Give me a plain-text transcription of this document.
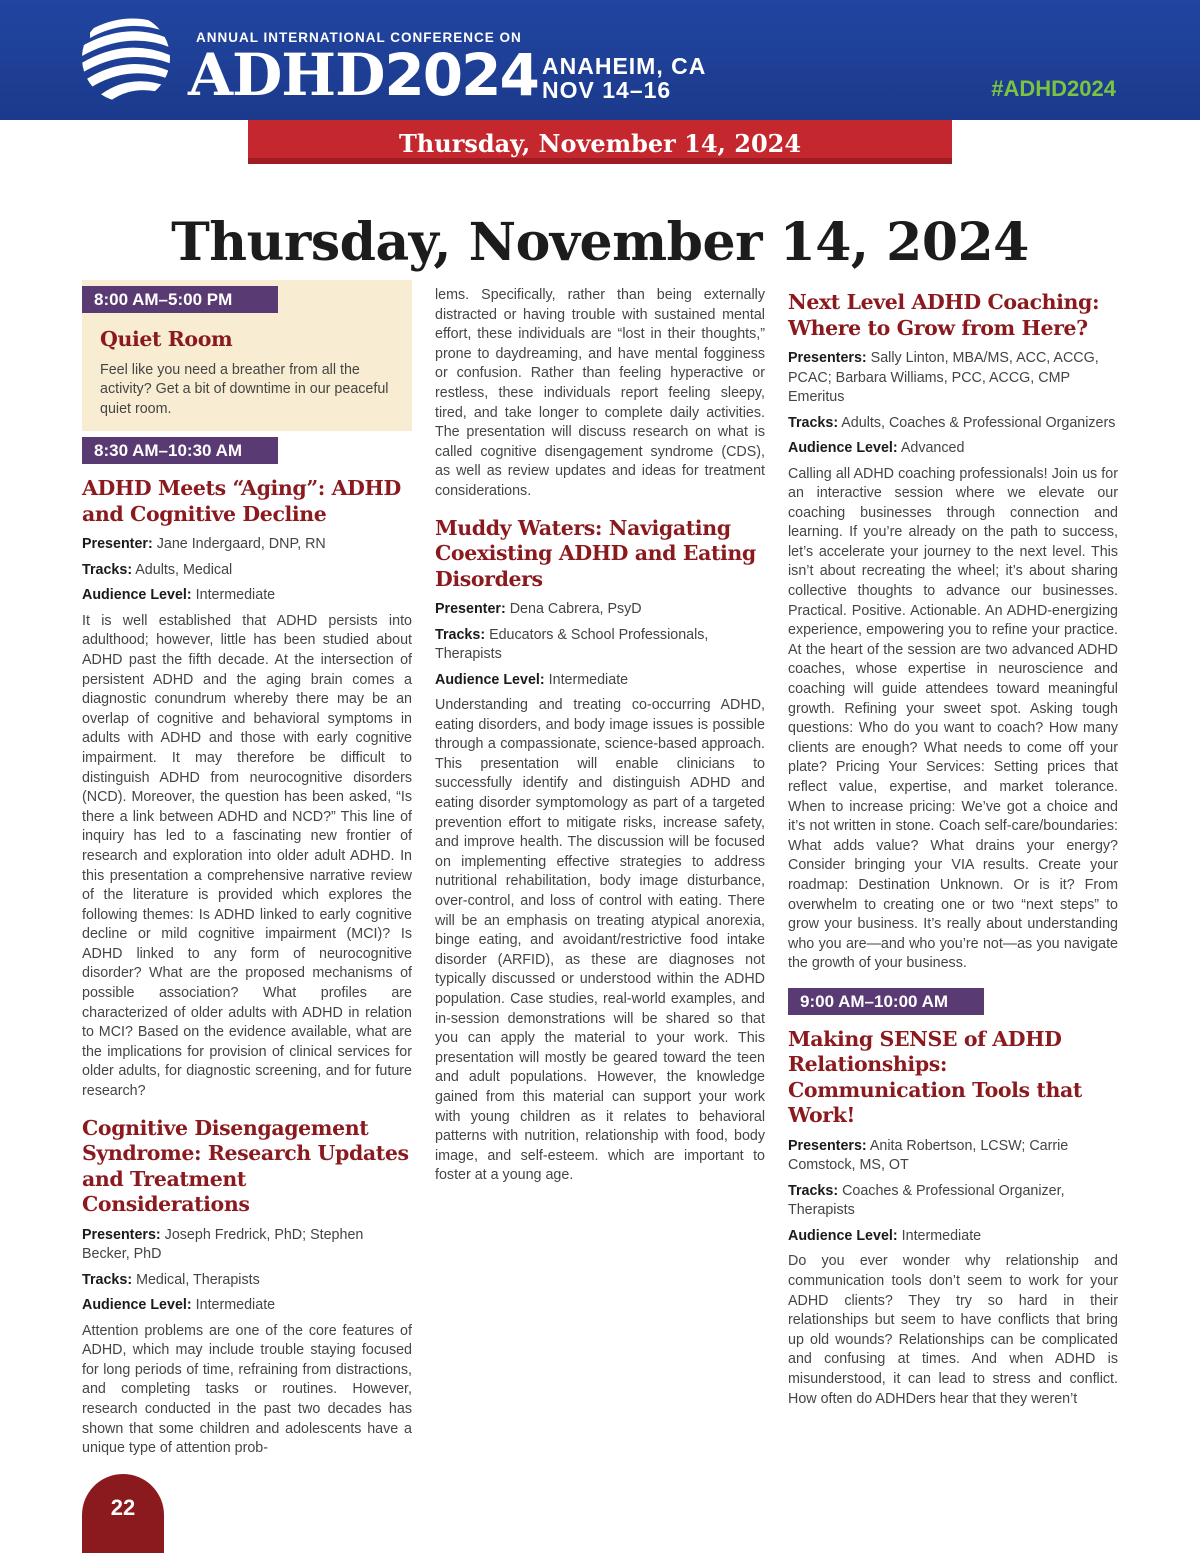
ANNUAL INTERNATIONAL CONFERENCE ON
ADHD2024 ANAHEIM, CA
NOV 14–16	#ADHD2024
Thursday, November 14, 2024
Thursday, November 14, 2024
8:00 AM–5:00 PM
Quiet Room

Feel like you need a breather from all the activity? Get a bit of downtime in our peaceful quiet room.

8:30 AM–10:30 AM
ADHD Meets “Aging”: ADHD and Cognitive Decline
Presenter: Jane Indergaard, DNP, RN
Tracks: Adults, Medical
Audience Level: Intermediate

It is well established that ADHD persists into adulthood; however, little has been studied about ADHD past the fifth decade. At the intersection of persistent ADHD and the aging brain comes a diagnostic conundrum whereby there may be an overlap of cognitive and behavioral symptoms in adults with ADHD and those with early cognitive impairment. It may therefore be difficult to distinguish ADHD from neurocognitive disorders (NCD). Moreover, the question has been asked, “Is there a link between ADHD and NCD?” This line of inquiry has led to a fascinating new frontier of research and exploration into older adult ADHD. In this presentation a comprehensive narrative review of the literature is provided which explores the following themes: Is ADHD linked to early cognitive decline or mild cognitive impairment (MCI)? Is ADHD linked to any form of neurocognitive disorder? What are the proposed mechanisms of possible association? What profiles are characterized of older adults with ADHD in relation to MCI? Based on the evidence available, what are the implications for provision of clinical services for older adults, for diagnostic screening, and for future research?

Cognitive Disengagement Syndrome: Research Updates and Treatment Considerations
Presenters: Joseph Fredrick, PhD; Stephen Becker, PhD
Tracks: Medical, Therapists
Audience Level: Intermediate

Attention problems are one of the core features of ADHD, which may include trouble staying focused for long periods of time, refraining from distractions, and completing tasks or routines. However, research conducted in the past two decades has shown that some children and adolescents have a unique type of attention prob-

lems. Specifically, rather than being externally distracted or having trouble with sustained mental effort, these individuals are “lost in their thoughts,” prone to daydreaming, and have mental fogginess or confusion. Rather than feeling hyperactive or restless, these individuals report feeling sleepy, tired, and take longer to complete daily activities. The presentation will discuss research on what is called cognitive disengagement syndrome (CDS), as well as review updates and ideas for treatment considerations.

Muddy Waters: Navigating Coexisting ADHD and Eating Disorders
Presenter: Dena Cabrera, PsyD
Tracks: Educators & School Professionals, Therapists
Audience Level: Intermediate

Understanding and treating co-occurring ADHD, eating disorders, and body image issues is possible through a compassionate, science-based approach. This presentation will enable clinicians to successfully identify and distinguish ADHD and eating disorder symptomology as part of a targeted prevention effort to mitigate risks, increase safety, and improve health. The discussion will be focused on implementing effective strategies to address nutritional rehabilitation, body image disturbance, over-control, and loss of control with eating. There will be an emphasis on treating atypical anorexia, binge eating, and avoidant/restrictive food intake disorder (ARFID), as these are diagnoses not typically discussed or understood within the ADHD population. Case studies, real-world examples, and in-session demonstrations will be shared so that you can apply the material to your work. This presentation will mostly be geared toward the teen and adult populations. However, the knowledge gained from this material can support your work with young children as it relates to behavioral patterns with nutrition, relationship with food, body image, and self-esteem. which are important to foster at a young age.

Next Level ADHD Coaching: Where to Grow from Here?
Presenters: Sally Linton, MBA/MS, ACC, ACCG, PCAC; Barbara Williams, PCC, ACCG, CMP Emeritus
Tracks: Adults, Coaches & Professional Organizers
Audience Level: Advanced

Calling all ADHD coaching professionals! Join us for an interactive session where we elevate our coaching businesses through connection and learning. If you’re already on the path to success, let’s accelerate your journey to the next level. This isn’t about recreating the wheel; it’s about sharing collective thoughts to advance our businesses. Practical. Positive. Actionable. An ADHD-energizing experience, empowering you to refine your practice. At the heart of the session are two advanced ADHD coaches, whose expertise in neuroscience and coaching will guide attendees toward meaningful growth. Refining your sweet spot. Asking tough questions: Who do you want to coach? How many clients are enough? What needs to come off your plate? Pricing Your Services: Setting prices that reflect value, expertise, and market tolerance. When to increase pricing: We’ve got a choice and it’s not written in stone. Coach self-care/boundaries: What adds value? What drains your energy? Consider bringing your VIA results. Create your roadmap: Destination Unknown. Or is it? From overwhelm to creating one or two “next steps” to grow your business. It’s really about understanding who you are—and who you’re not—as you navigate the growth of your business.

9:00 AM–10:00 AM
Making SENSE of ADHD Relationships: Communication Tools that Work!
Presenters: Anita Robertson, LCSW; Carrie Comstock, MS, OT
Tracks: Coaches & Professional Organizer, Therapists
Audience Level: Intermediate

Do you ever wonder why relationship and communication tools don’t seem to work for your ADHD clients? They try so hard in their relationships but seem to have conflicts that bring up old wounds? Relationships can be complicated and confusing at times. And when ADHD is misunderstood, it can lead to stress and conflict. How often do ADHDers hear that they weren’t

22
